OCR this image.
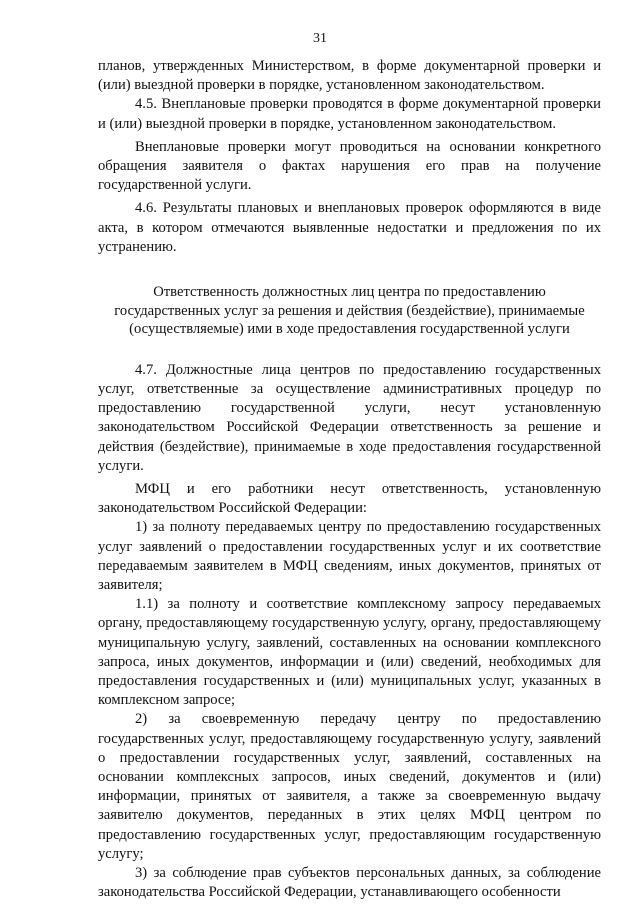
31

планов, утвержденных Министерством, в форме документарной проверки и (или) выездной проверки в порядке, установленном законодательством.

4.5. Внеплановые проверки проводятся в форме документарной проверки и (или) выездной проверки в порядке, установленном законодательством.

Внеплановые проверки могут проводиться на основании конкретного обращения заявителя о фактах нарушения его прав на получение государственной услуги.

4.6. Результаты плановых и внеплановых проверок оформляются в виде акта, в котором отмечаются выявленные недостатки и предложения по их устранению.

Ответственность должностных лиц центра по предоставлению
государственных услуг за решения и действия (бездействие), принимаемые
(осуществляемые) ими в ходе предоставления государственной услуги

4.7. Должностные лица центров по предоставлению государственных услуг, ответственные за осуществление административных процедур по предоставлению государственной услуги, несут установленную законодательством Российской Федерации ответственность за решение и действия (бездействие), принимаемые в ходе предоставления государственной услуги.

МФЦ и его работники несут ответственность, установленную законодательством Российской Федерации:

1) за полноту передаваемых центру по предоставлению государственных услуг заявлений о предоставлении государственных услуг и их соответствие передаваемым заявителем в МФЦ сведениям, иных документов, принятых от заявителя;

1.1) за полноту и соответствие комплексному запросу передаваемых органу, предоставляющему государственную услугу, органу, предоставляющему муниципальную услугу, заявлений, составленных на основании комплексного запроса, иных документов, информации и (или) сведений, необходимых для предоставления государственных и (или) муниципальных услуг, указанных в комплексном запросе;

2) за своевременную передачу центру по предоставлению государственных услуг, предоставляющему государственную услугу, заявлений о предоставлении государственных услуг, заявлений, составленных на основании комплексных запросов, иных сведений, документов и (или) информации, принятых от заявителя, а также за своевременную выдачу заявителю документов, переданных в этих целях МФЦ центром по предоставлению государственных услуг, предоставляющим государственную услугу;

3) за соблюдение прав субъектов персональных данных, за соблюдение законодательства Российской Федерации, устанавливающего особенности
